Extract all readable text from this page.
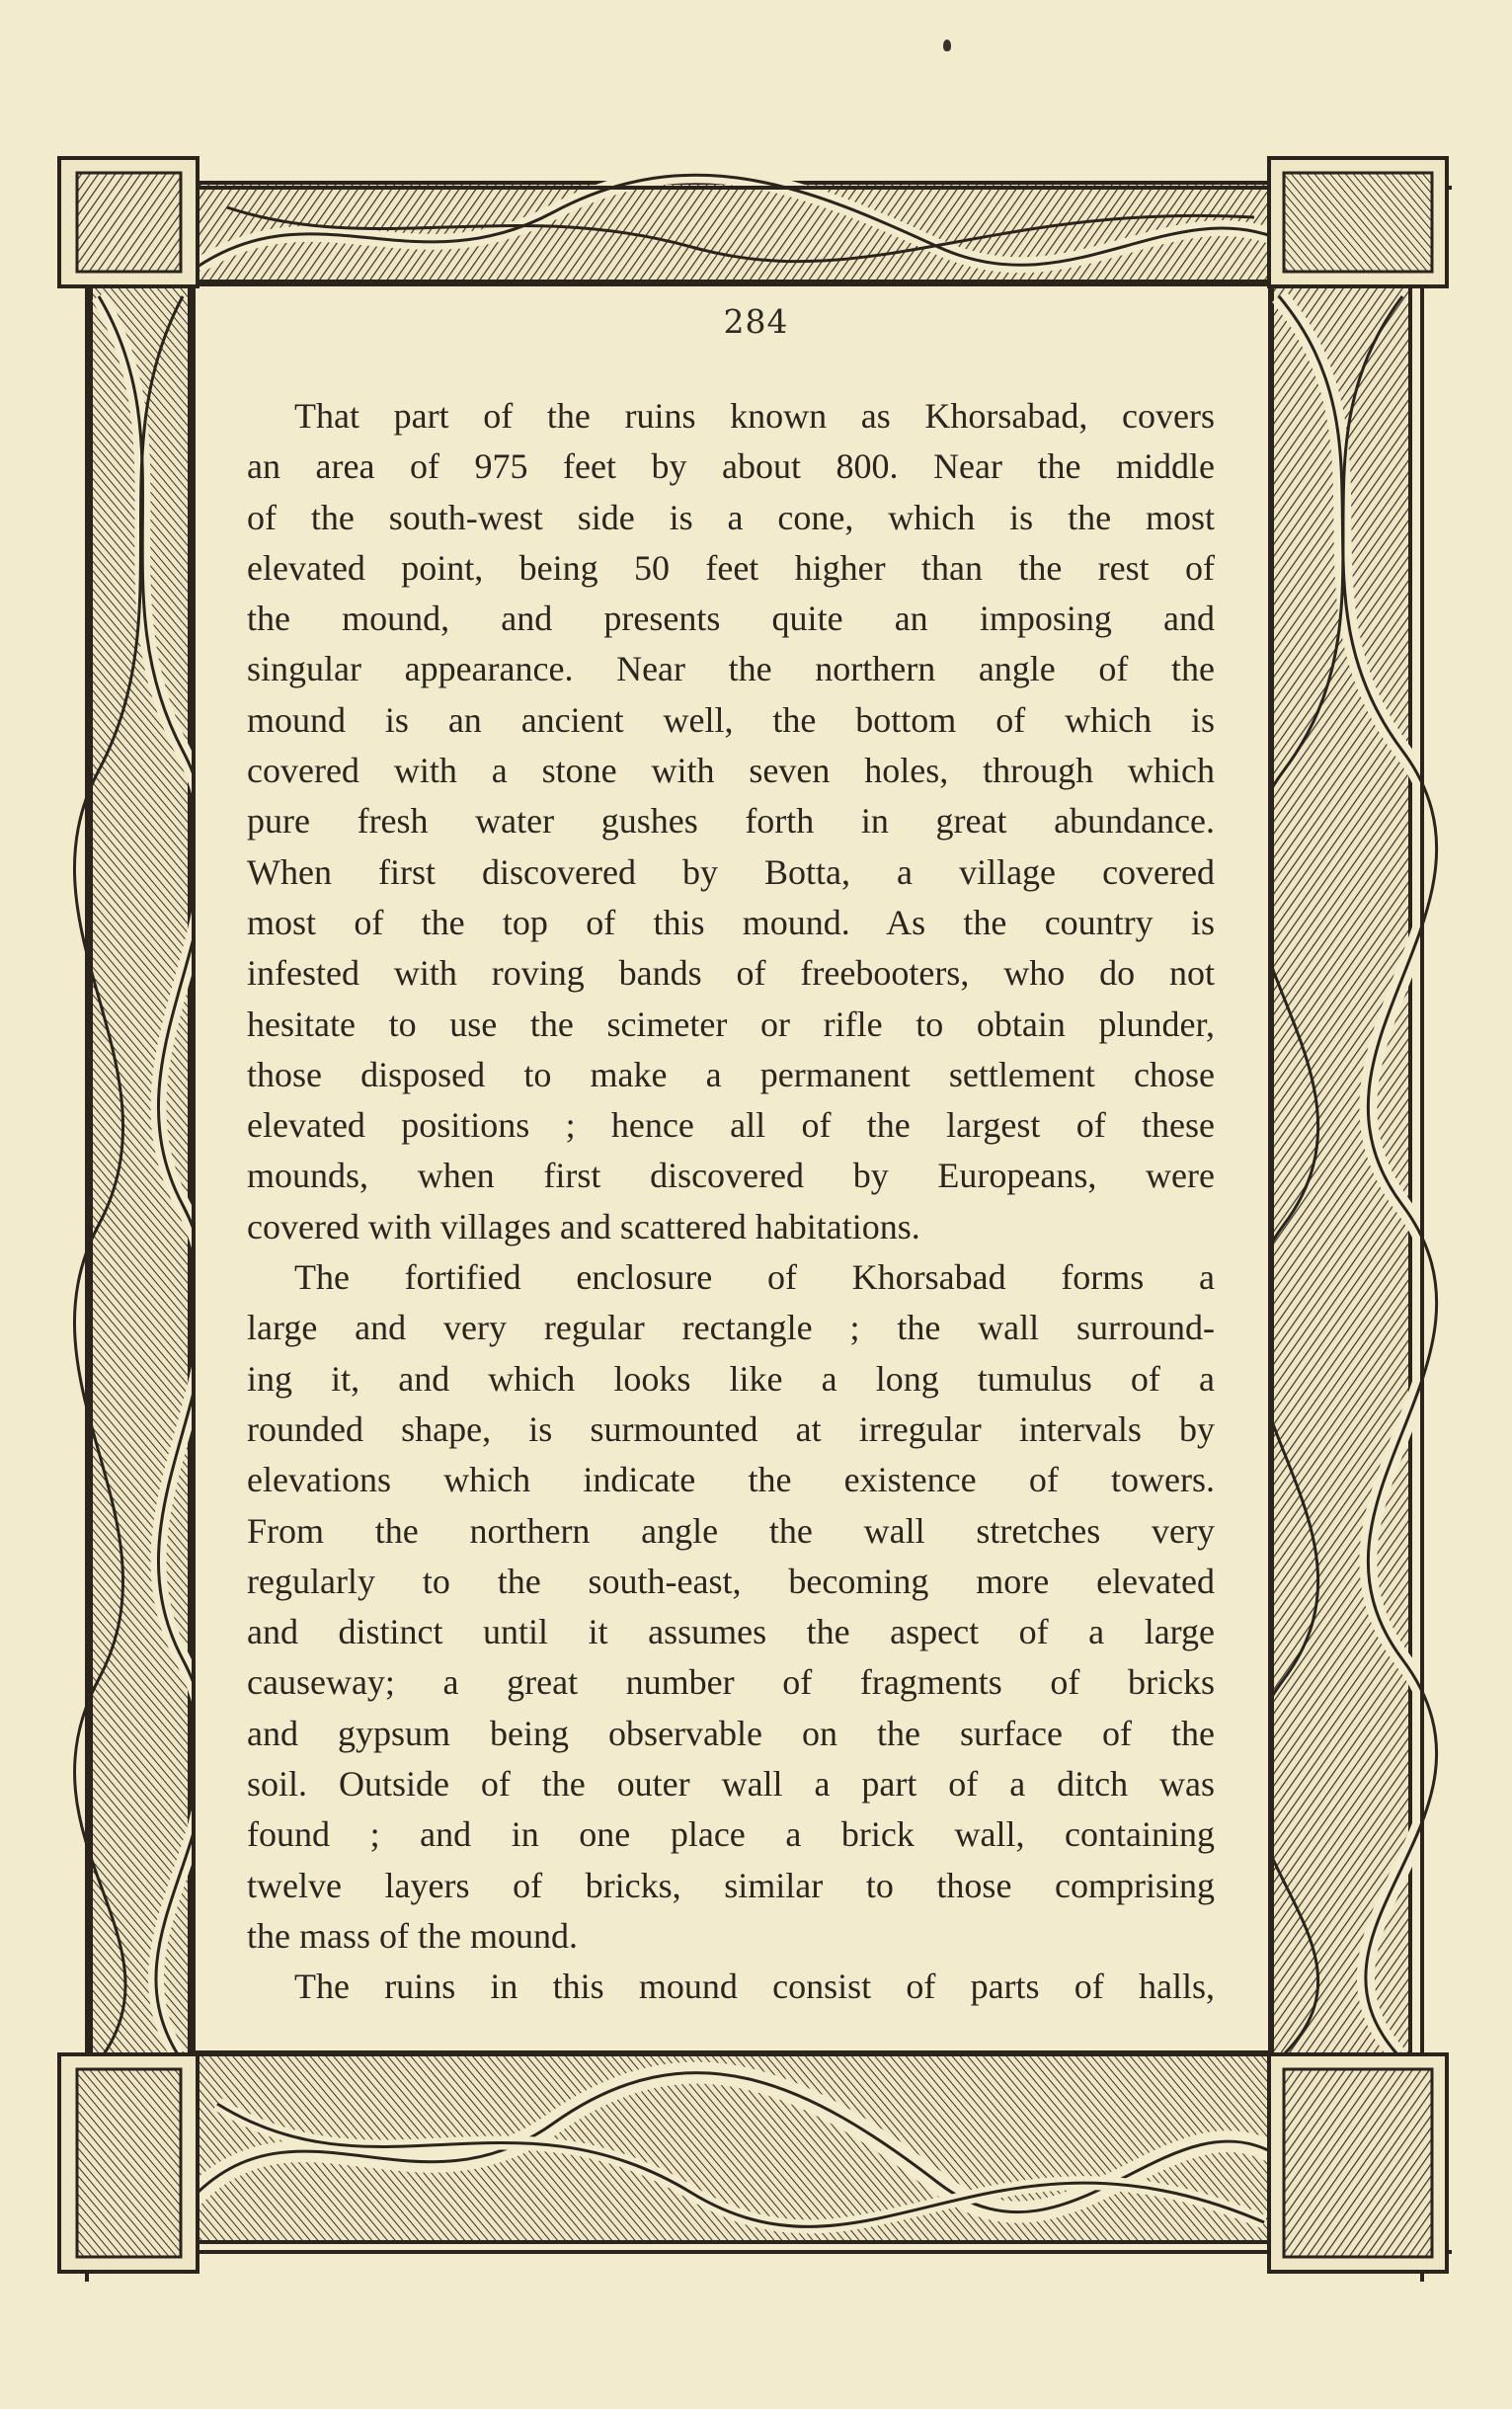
284
That part of the ruins known as Khorsabad, covers
an area of 975 feet by about 800. Near the middle
of the south-west side is a cone, which is the most
elevated point, being 50 feet higher than the rest of
the mound, and presents quite an imposing and
singular appearance. Near the northern angle of the
mound is an ancient well, the bottom of which is
covered with a stone with seven holes, through which
pure fresh water gushes forth in great abundance.
When first discovered by Botta, a village covered
most of the top of this mound. As the country is
infested with roving bands of freebooters, who do not
hesitate to use the scimeter or rifle to obtain plunder,
those disposed to make a permanent settlement chose
elevated positions ; hence all of the largest of these
mounds, when first discovered by Europeans, were
covered with villages and scattered habitations.
The fortified enclosure of Khorsabad forms a
large and very regular rectangle ; the wall surround-
ing it, and which looks like a long tumulus of a
rounded shape, is surmounted at irregular intervals by
elevations which indicate the existence of towers.
From the northern angle the wall stretches very
regularly to the south-east, becoming more elevated
and distinct until it assumes the aspect of a large
causeway; a great number of fragments of bricks
and gypsum being observable on the surface of the
soil. Outside of the outer wall a part of a ditch was
found ; and in one place a brick wall, containing
twelve layers of bricks, similar to those comprising
the mass of the mound.
The ruins in this mound consist of parts of halls,
